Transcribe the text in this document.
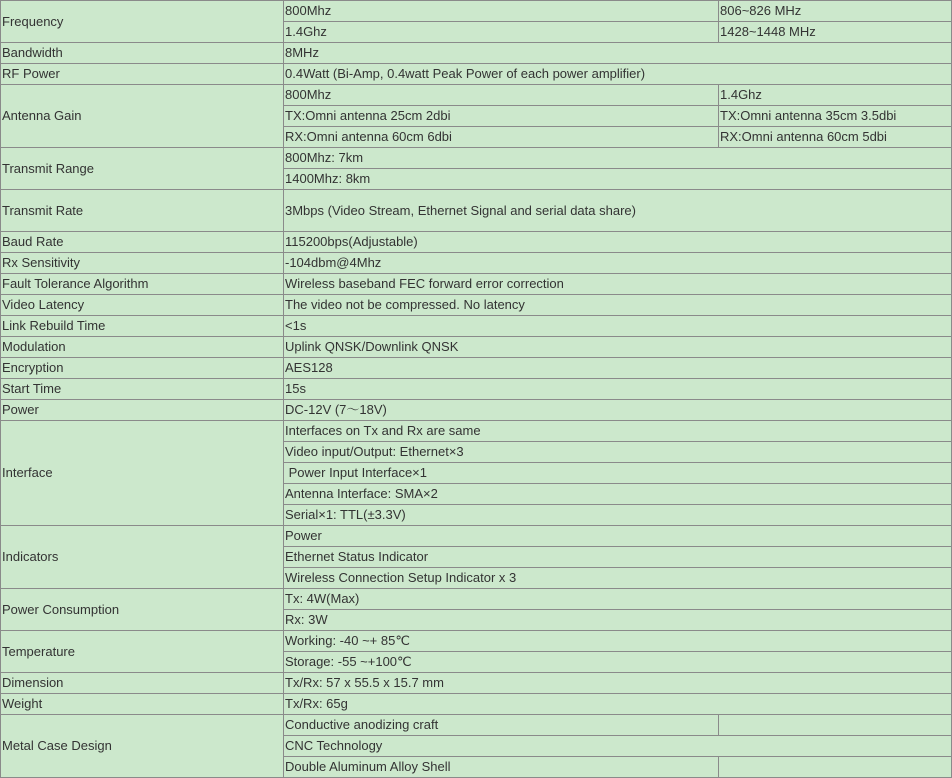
Frequency	800Mhz	806~826 MHz
	1.4Ghz	1428~1448 MHz
Bandwidth	8MHz	
RF Power	0.4Watt (Bi-Amp, 0.4watt Peak Power of each power amplifier)	
Antenna Gain	800Mhz	1.4Ghz
	TX:Omni antenna 25cm 2dbi	TX:Omni antenna 35cm 3.5dbi
	RX:Omni antenna 60cm 6dbi	RX:Omni antenna 60cm 5dbi
Transmit Range	800Mhz: 7km	
	1400Mhz: 8km	
Transmit Rate	3Mbps (Video Stream, Ethernet Signal and serial data share)	
Baud Rate	115200bps(Adjustable)	
Rx Sensitivity	-104dbm@4Mhz	
Fault Tolerance Algorithm	Wireless baseband FEC forward error correction	
Video Latency	The video not be compressed. No latency	
Link Rebuild Time	<1s	
Modulation	Uplink QNSK/Downlink QNSK	
Encryption	AES128	
Start Time	15s	
Power	DC-12V (7～18V)	
Interface	Interfaces on Tx and Rx are same	
	Video input/Output: Ethernet×3	
	Power Input Interface×1	
	Antenna Interface: SMA×2	
	Serial×1: TTL(±3.3V)	
Indicators	Power	
	Ethernet Status Indicator	
	Wireless Connection Setup Indicator x 3	
Power Consumption	Tx: 4W(Max)	
	Rx: 3W	
Temperature	Working: -40 ~+ 85℃	
	Storage: -55 ~+100℃	
Dimension	Tx/Rx: 57 x 55.5 x 15.7 mm	
Weight	Tx/Rx: 65g	
Metal Case Design	Conductive anodizing craft	
	CNC Technology	
	Double Aluminum Alloy Shell	
